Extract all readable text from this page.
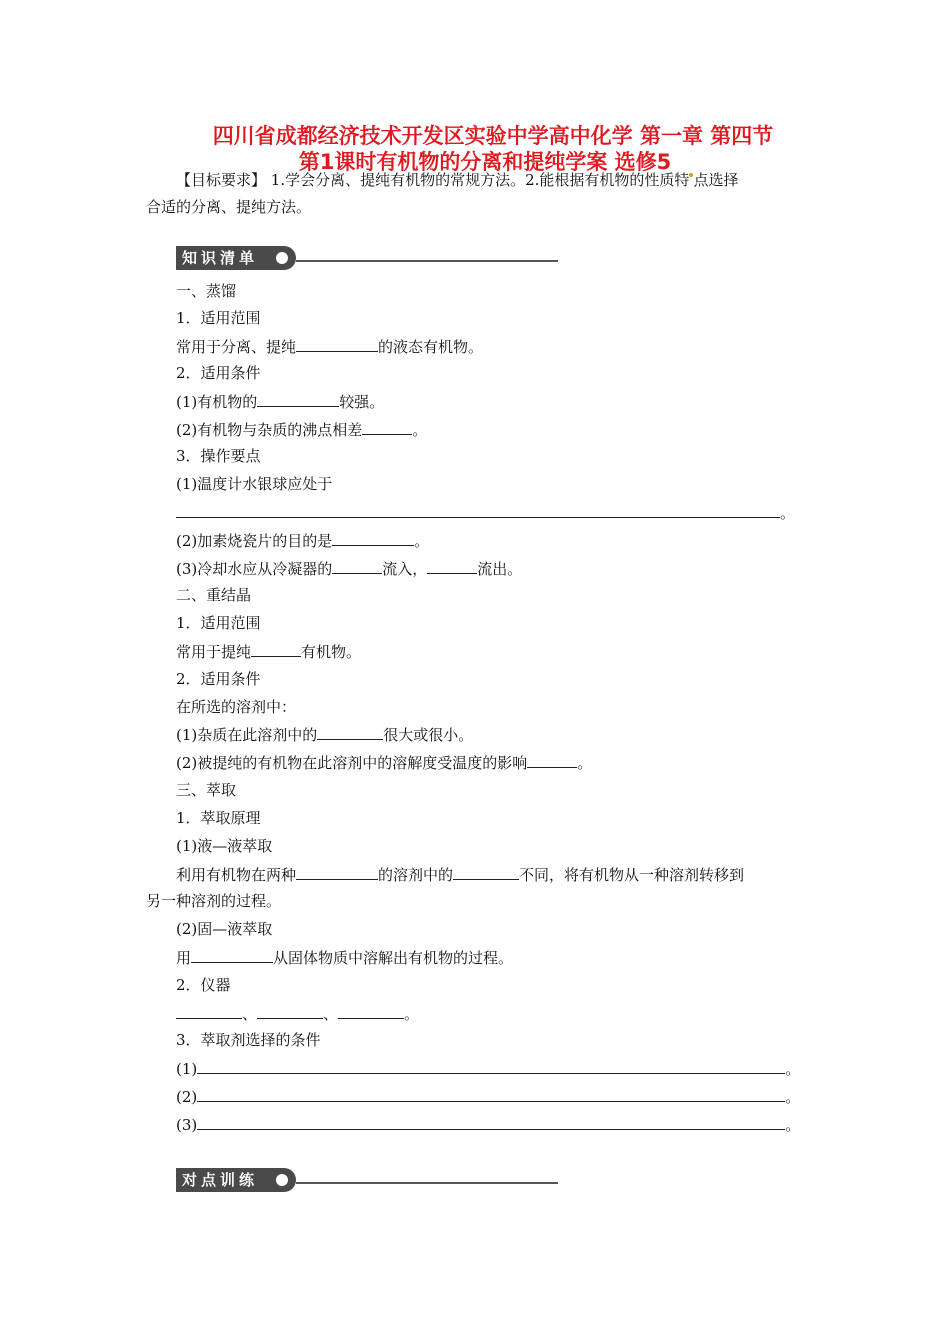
四川省成都经济技术开发区实验中学高中化学 第一章 第四节
第1课时有机物的分离和提纯学案 选修5
【目标要求】 1.学会分离、提纯有机物的常规方法。2.能根据有机物的性质特 点选择
合适的分离、提纯方法。
知识清单
一、蒸馏
1．适用范围
常用于分离、提纯	的液态有机物。
2．适用条件
(1)有机物的	较强。
(2)有机物与杂质的沸点相差	。
3．操作要点
(1)温度计水银球应处于
。
(2)加素烧瓷片的目的是	。
(3)冷却水应从冷凝器的	流入，	流出。
二、重结晶
1．适用范围
常用于提纯	有机物。
2．适用条件
在所选的溶剂中：
(1)杂质在此溶剂中的	很大或很小。
(2)被提纯的有机物在此溶剂中的溶解度受温度的影响	。
三、萃取
1．萃取原理
(1)液—液萃取
利用有机物在两种	的溶剂中的	不同，将有机物从一种溶剂转移到
另一种溶剂的过程。
(2)固—液萃取
用	从固体物质中溶解出有机物的过程。
2．仪器
、	、	。
3．萃取剂选择的条件
(1)	。
(2)	。
(3)	。
对点训练
